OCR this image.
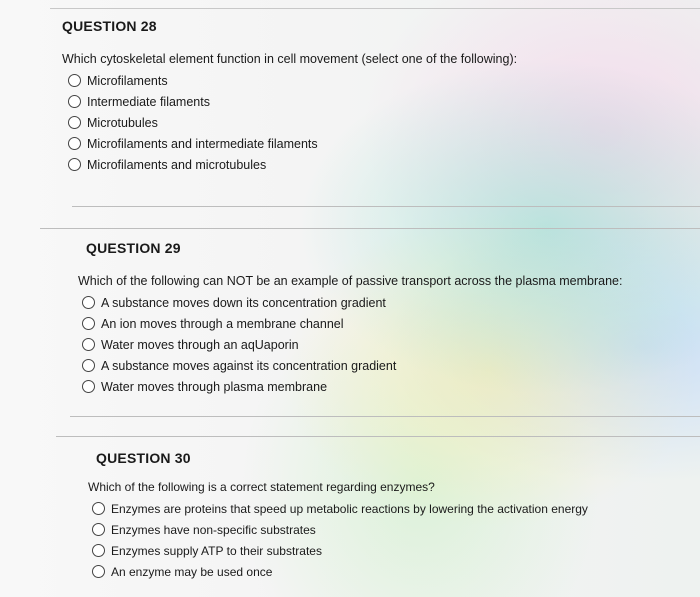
QUESTION 28
Which cytoskeletal element function in cell movement (select one of the following):
Microfilaments
Intermediate filaments
Microtubules
Microfilaments and intermediate filaments
Microfilaments and microtubules
QUESTION 29
Which of the following can NOT be an example of passive transport across the plasma membrane:
A substance moves down its concentration gradient
An ion moves through a membrane channel
Water moves through an aqUaporin
A substance moves against its concentration gradient
Water moves through plasma membrane
QUESTION 30
Which of the following is a correct statement regarding enzymes?
Enzymes are proteins that speed up metabolic reactions by lowering the activation energy
Enzymes have non-specific substrates
Enzymes supply ATP to their substrates
An enzyme may be used once
